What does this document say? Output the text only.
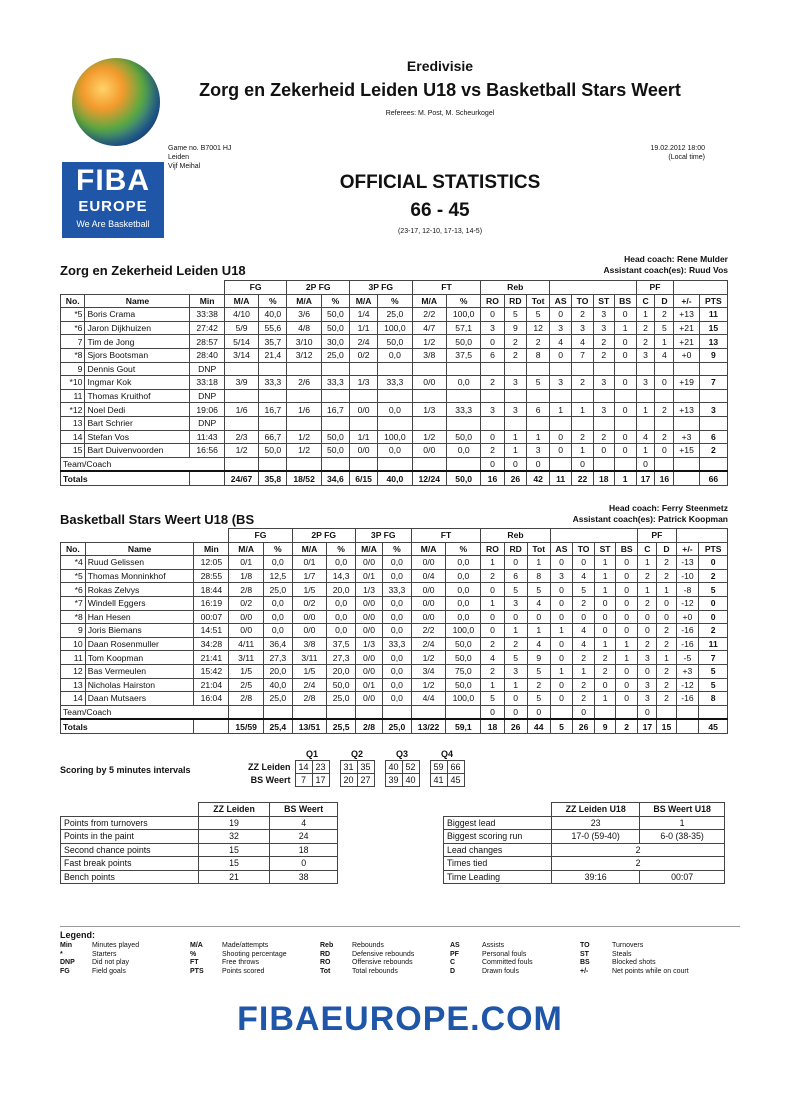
FIBA
EUROPE
We Are Basketball
Eredivisie
Zorg en Zekerheid Leiden U18 vs Basketball Stars Weert
Referees: M. Post, M. Scheurkogel
Game no. B7001 HJ
Leiden
Vijf Meihal
19.02.2012 18:00
(Local time)
OFFICIAL STATISTICS
66 - 45
(23-17, 12-10, 17-13, 14-5)
Zorg en Zekerheid Leiden U18
Head coach: Rene Mulder
Assistant coach(es): Ruud Vos
			FG		2P FG		3P FG		FT		Reb							PF			
No.	Name	Min	M/A	%	M/A	%	M/A	%	M/A	%	RO	RD	Tot	AS	TO	ST	BS	C	D	+/-	PTS
*5	Boris Crama	33:38	4/10	40,0	3/6	50,0	1/4	25,0	2/2	100,0	0	5	5	0	2	3	0	1	2	+13	11
*6	Jaron Dijkhuizen	27:42	5/9	55,6	4/8	50,0	1/1	100,0	4/7	57,1	3	9	12	3	3	3	1	2	5	+21	15
7	Tim de Jong	28:57	5/14	35,7	3/10	30,0	2/4	50,0	1/2	50,0	0	2	2	4	4	2	0	2	1	+21	13
*8	Sjors Bootsman	28:40	3/14	21,4	3/12	25,0	0/2	0,0	3/8	37,5	6	2	8	0	7	2	0	3	4	+0	9
9	Dennis Gout	DNP																			
*10	Ingmar Kok	33:18	3/9	33,3	2/6	33,3	1/3	33,3	0/0	0,0	2	3	5	3	2	3	0	3	0	+19	7
11	Thomas Kruithof	DNP																			
*12	Noel Dedi	19:06	1/6	16,7	1/6	16,7	0/0	0,0	1/3	33,3	3	3	6	1	1	3	0	1	2	+13	3
13	Bart Schrier	DNP																			
14	Stefan Vos	11:43	2/3	66,7	1/2	50,0	1/1	100,0	1/2	50,0	0	1	1	0	2	2	0	4	2	+3	6
15	Bart Duivenvoorden	16:56	1/2	50,0	1/2	50,0	0/0	0,0	0/0	0,0	2	1	3	0	1	0	0	1	0	+15	2
Team/Coach											0	0	0		0			0			
Totals			24/67	35,8	18/52	34,6	6/15	40,0	12/24	50,0	16	26	42	11	22	18	1	17	16		66
Basketball Stars Weert U18 (BS
Head coach: Ferry Steenmetz
Assistant coach(es): Patrick Koopman
			FG		2P FG		3P FG		FT		Reb							PF			
No.	Name	Min	M/A	%	M/A	%	M/A	%	M/A	%	RO	RD	Tot	AS	TO	ST	BS	C	D	+/-	PTS
*4	Ruud Gelissen	12:05	0/1	0,0	0/1	0,0	0/0	0,0	0/0	0,0	1	0	1	0	0	1	0	1	2	-13	0
*5	Thomas Monninkhof	28:55	1/8	12,5	1/7	14,3	0/1	0,0	0/4	0,0	2	6	8	3	4	1	0	2	2	-10	2
*6	Rokas Zelvys	18:44	2/8	25,0	1/5	20,0	1/3	33,3	0/0	0,0	0	5	5	0	5	1	0	1	1	-8	5
*7	Windell Eggers	16:19	0/2	0,0	0/2	0,0	0/0	0,0	0/0	0,0	1	3	4	0	2	0	0	2	0	-12	0
*8	Han Hesen	00:07	0/0	0,0	0/0	0,0	0/0	0,0	0/0	0,0	0	0	0	0	0	0	0	0	0	+0	0
9	Joris Biemans	14:51	0/0	0,0	0/0	0,0	0/0	0,0	2/2	100,0	0	1	1	1	4	0	0	0	2	-16	2
10	Daan Rosenmuller	34:28	4/11	36,4	3/8	37,5	1/3	33,3	2/4	50,0	2	2	4	0	4	1	1	2	2	-16	11
11	Tom Koopman	21:41	3/11	27,3	3/11	27,3	0/0	0,0	1/2	50,0	4	5	9	0	2	2	1	3	1	-5	7
12	Bas Vermeulen	15:42	1/5	20,0	1/5	20,0	0/0	0,0	3/4	75,0	2	3	5	1	1	2	0	0	2	+3	5
13	Nicholas Hairston	21:04	2/5	40,0	2/4	50,0	0/1	0,0	1/2	50,0	1	1	2	0	2	0	0	3	2	-12	5
14	Daan Mutsaers	16:04	2/8	25,0	2/8	25,0	0/0	0,0	4/4	100,0	5	0	5	0	2	1	0	3	2	-16	8
Team/Coach											0	0	0		0			0			
Totals			15/59	25,4	13/51	25,5	2/8	25,0	13/22	59,1	18	26	44	5	26	9	2	17	15		45
Scoring by 5 minutes intervals
	Q1			Q2			Q3			Q4	
ZZ Leiden	14	23		31	35		40	52		59	66
BS Weert	7	17		20	27		39	40		41	45
	ZZ Leiden	BS Weert
Points from turnovers	19	4
Points in the paint	32	24
Second chance points	15	18
Fast break points	15	0
Bench points	21	38
	ZZ Leiden U18	BS Weert U18
Biggest lead	23	1
Biggest scoring run	17-0 (59-40)	6-0 (38-35)
Lead changes	2	
Times tied	2	
Time Leading	39:16	00:07
Legend:
Min	Minutes played	M/A	Made/attempts	Reb	Rebounds	AS	Assists	TO	Turnovers
*	Starters	%	Shooting percentage	RD	Defensive rebounds	PF	Personal fouls	ST	Steals
DNP	Did not play	FT	Free throws	RO	Offensive rebounds	C	Committed fouls	BS	Blocked shots
FG	Field goals	PTS	Points scored	Tot	Total rebounds	D	Drawn fouls	+/-	Net points while on court
FIBAEUROPE.COM
